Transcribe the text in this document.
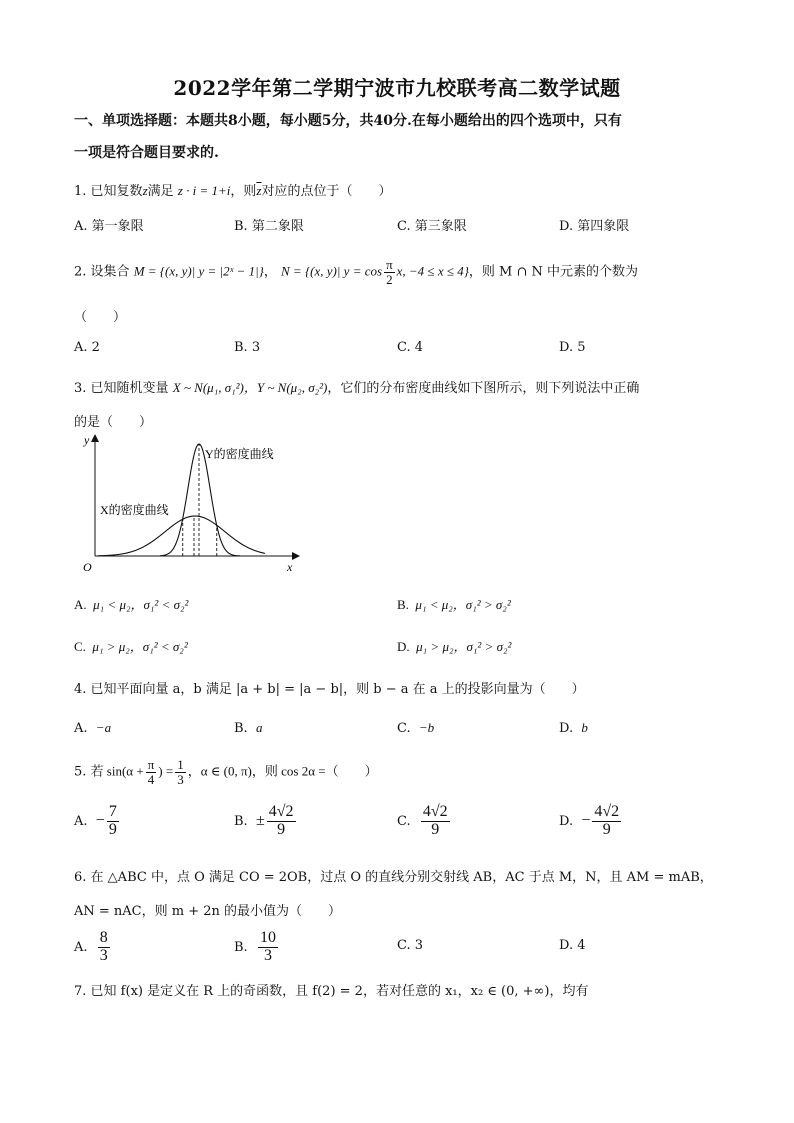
2022学年第二学期宁波市九校联考高二数学试题
一、单项选择题：本题共8小题，每小题5分，共40分.在每小题给出的四个选项中，只有
一项是符合题目要求的.
1. 已知复数z满足 z · i = 1+i，则$\overline{z}$对应的点位于（　　）
A. 第一象限	B. 第二象限	C. 第三象限	D. 第四象限
2. 设集合 M = {(x, y)| y = |2ˣ − 1|}， N = {(x, y)| $y = \cos \frac{\pi}{2} x$, −4 ≤ x ≤ 4}，则 M ∩ N 中元素的个数为
（　　）
A. 2	B. 3	C. 4	D. 5
3. 已知随机变量 X ~ N(μ₁, σ₁²)，Y ~ N(μ₂, σ₂²)，它们的分布密度曲线如下图所示，则下列说法中正确
的是（　　）
y
x
O
Y的密度曲线
X的密度曲线
A. μ₁ < μ₂，σ₁² < σ₂²	B. μ₁ < μ₂，σ₁² > σ₂²
C. μ₁ > μ₂，σ₁² < σ₂²	D. μ₁ > μ₂，σ₁² > σ₂²
4. 已知平面向量 a，b 满足 |a + b| = |a − b|，则 b − a 在 a 上的投影向量为（　　）
A. −a	B. a	C. −b	D. b
5. 若 $\sin(\alpha + \frac{\pi}{4}$ ) = $\frac{1}{3}$ ，α ∈ (0, π)，则 cos 2α =（　　）
A. − $\frac{7}{9}$	B. ± $\frac{4√2}{9}$	C. $\frac{4√2}{9}$	D. − $\frac{4√2}{9}$
6. 在 △ABC 中，点 O 满足 CO = 2OB，过点 O 的直线分别交射线 AB，AC 于点 M，N，且 AM = mAB，
AN = nAC，则 m + 2n 的最小值为（　　）
A. $\frac{8}{3}$	B. $\frac{10}{3}$	C. 3	D. 4
7. 已知 f(x) 是定义在 R 上的奇函数，且 f(2) = 2，若对任意的 x₁，x₂ ∈ (0, +∞)，均有
